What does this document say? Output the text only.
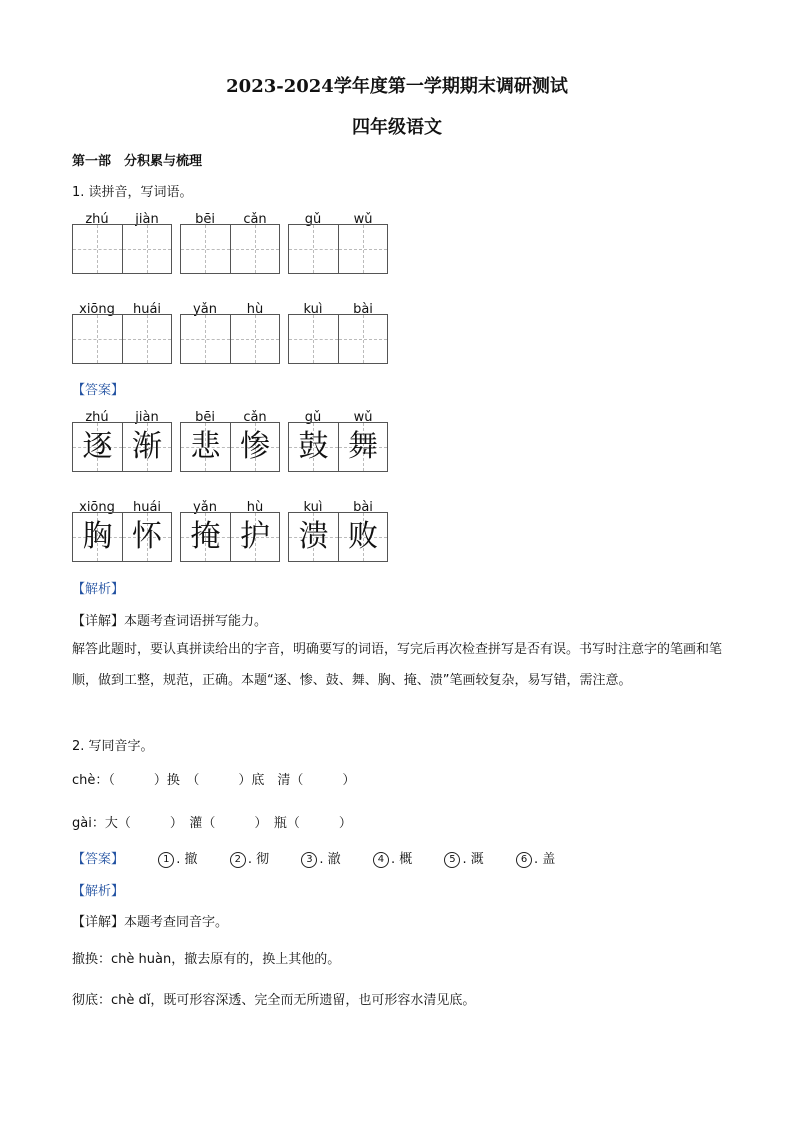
2023-2024学年度第一学期期末调研测试
四年级语文
第一部　分积累与梳理
1. 读拼音，写词语。
zhú	jiàn	bēi	cǎn	gǔ	wǔ
xiōng	huái	yǎn	hù	kuì	bài
【答案】
zhú	jiàn
逐 渐
bēi	cǎn
悲 惨
gǔ	wǔ
鼓 舞
xiōng	huái
胸 怀
yǎn	hù
掩 护
kuì	bài
溃 败
【解析】
【详解】本题考查词语拼写能力。
解答此题时，要认真拼读给出的字音，明确要写的词语，写完后再次检查拼写是否有误。书写时注意字的笔画和笔顺，做到工整，规范，正确。本题“逐、惨、鼓、舞、胸、掩、溃”笔画较复杂，易写错，需注意。
2. 写同音字。
chè：（　　　）换　（　　　）底　清（　　　）
gài：大（　　　）　灌（　　　）　瓶（　　　）
【答案】	1 . 撤	2 . 彻	3 . 澈	4 . 概	5 . 溉	6 . 盖
【解析】
【详解】本题考查同音字。
撤换：chè huàn，撤去原有的，换上其他的。
彻底：chè dǐ，既可形容深透、完全而无所遗留，也可形容水清见底。
